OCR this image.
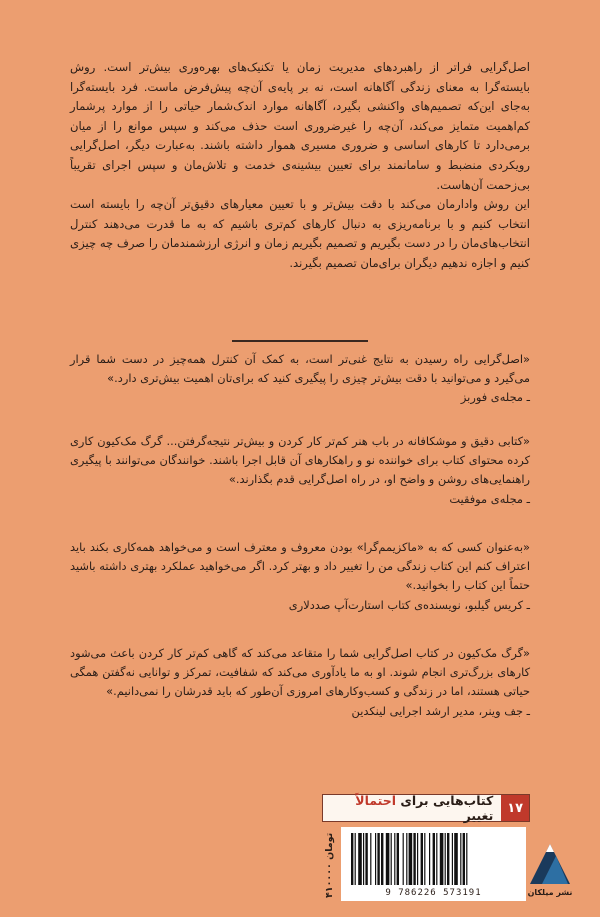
اصل‌گرایی فراتر از راهبردهای مدیریت زمان یا تکنیک‌های بهره‌وری بیش‌تر است. روش بایسته‌گرا به معنای زندگی آگاهانه است، نه بر پایه‌ی آن‌چه پیش‌فرض ماست. فرد بایسته‌گرا به‌جای این‌که تصمیم‌های واکنشی بگیرد، آگاهانه موارد اندک‌شمار حیاتی را از موارد پرشمار کم‌اهمیت متمایز می‌کند، آن‌چه را غیرضروری است حذف می‌کند و سپس موانع را از میان برمی‌دارد تا کارهای اساسی و ضروری مسیری هموار داشته باشند. به‌عبارت دیگر، اصل‌گرایی رویکردی منضبط و سامانمند برای تعیین بیشینه‌ی خدمت و تلاش‌مان و سپس اجرای تقریباً بی‌زحمت آن‌هاست.

این روش وادارمان می‌کند با دقت بیش‌تر و با تعیین معیارهای دقیق‌تر آن‌چه را بایسته است انتخاب کنیم و با برنامه‌ریزی به دنبال کارهای کم‌تری باشیم که به ما قدرت می‌دهند کنترل انتخاب‌های‌مان را در دست بگیریم و تصمیم بگیریم زمان و انرژی ارزشمندمان را صرف چه چیزی کنیم و اجازه ندهیم دیگران برای‌مان تصمیم بگیرند.

«اصل‌گرایی راه رسیدن به نتایج غنی‌تر است، به کمک آن کنترل همه‌چیز در دست شما قرار می‌گیرد و می‌توانید با دقت بیش‌تر چیزی را پیگیری کنید که برای‌تان اهمیت بیش‌تری دارد.»

ـ مجله‌ی فوربز

«کتابی دقیق و موشکافانه در باب هنر کم‌تر کار کردن و بیش‌تر نتیجه‌گرفتن... گرگ مک‌کیون کاری کرده محتوای کتاب برای خواننده نو و راهکارهای آن قابل اجرا باشند. خوانندگان می‌توانند با پیگیری راهنمایی‌های روشن و واضح او، در راه اصل‌گرایی قدم بگذارند.»

ـ مجله‌ی موفقیت

«به‌عنوان کسی که به «ماکزیمم‌گرا» بودن معروف و معترف است و می‌خواهد همه‌کاری بکند باید اعتراف کنم این کتاب زندگی من را تغییر داد و بهتر کرد. اگر می‌خواهید عملکرد بهتری داشته باشید حتماً این کتاب را بخوانید.»

ـ کریس گیلبو، نویسنده‌ی کتاب استارت‌آپ صددلاری

«گرگ مک‌کیون در کتاب اصل‌گرایی شما را متقاعد می‌کند که گاهی کم‌تر کار کردن باعث می‌شود کارهای بزرگ‌تری انجام شوند. او به ما یادآوری می‌کند که شفافیت، تمرکز و توانایی نه‌گفتن همگی حیاتی هستند، اما در زندگی و کسب‌وکارهای امروزی آن‌طور که باید قدرشان را نمی‌دانیم.»

ـ جف وینر، مدیر ارشد اجرایی لینکدین

۱۷
کتاب‌هایی برای احتمالاً تغییر
۴۱۰۰۰۰ تومان
9 786226 573191	نشر میلکان
